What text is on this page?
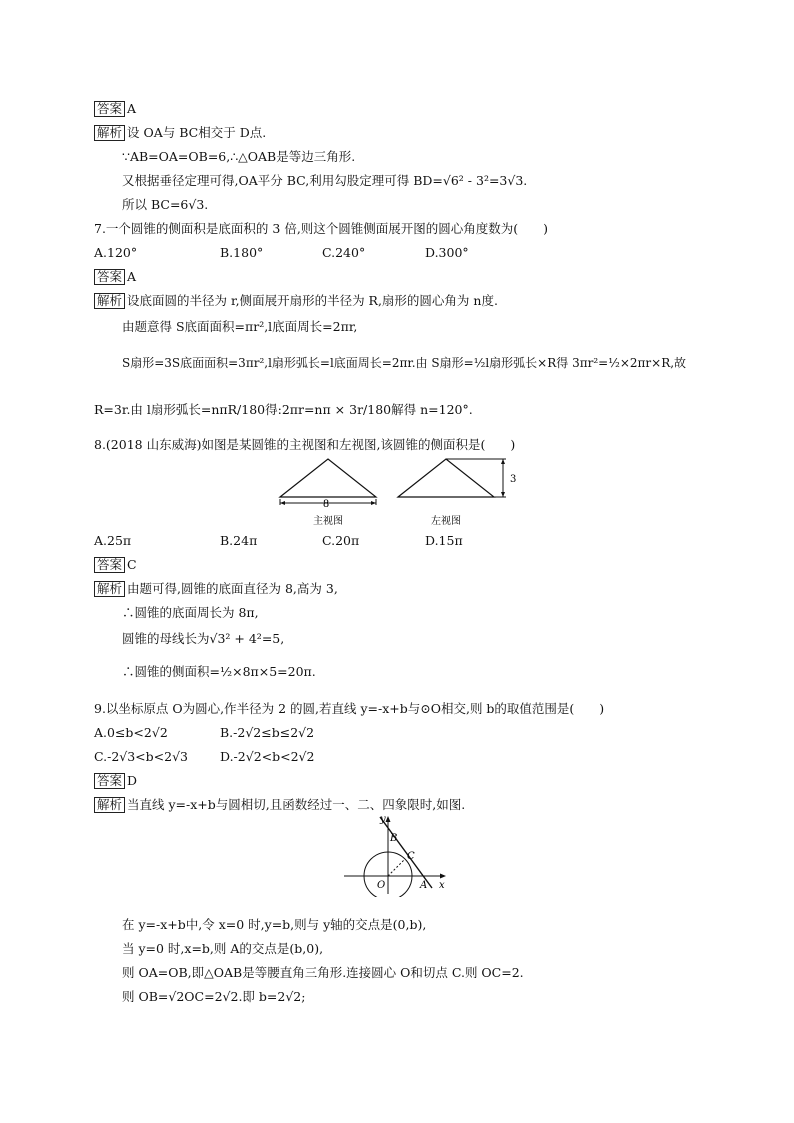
答案 A
解析 设 OA与 BC相交于 D点.
∵AB=OA=OB=6,∴△OAB是等边三角形.
又根据垂径定理可得,OA平分 BC,利用勾股定理可得 BD=√6² - 3²=3√3.
所以 BC=6√3.
7.一个圆锥的侧面积是底面积的 3 倍,则这个圆锥侧面展开图的圆心角度数为(　　)
A.120°	B.180°	C.240°	D.300°
答案 A
解析 设底面圆的半径为 r,侧面展开扇形的半径为 R,扇形的圆心角为 n度.
由题意得 S底面面积=πr²,l底面周长=2πr,
S扇形=3S底面面积=3πr²,l扇形弧长=l底面周长=2πr.由 S扇形=½l扇形弧长×R得 3πr²=½×2πr×R,故
R=3r.由 l扇形弧长=nπR/180得:2πr=nπ × 3r/180解得 n=120°.
8.(2018 山东威海)如图是某圆锥的主视图和左视图,该圆锥的侧面积是(　　)
8
主视图
3
左视图
A.25π	B.24π	C.20π	D.15π
答案 C
解析 由题可得,圆锥的底面直径为 8,高为 3,
∴圆锥的底面周长为 8π,
圆锥的母线长为√3² + 4²=5,
∴圆锥的侧面积=½×8π×5=20π.
9.以坐标原点 O为圆心,作半径为 2 的圆,若直线 y=-x+b与⊙O相交,则 b的取值范围是(　　)
A.0≤b<2√2	B.-2√2≤b≤2√2
C.-2√3<b<2√3	D.-2√2<b<2√2
答案 D
解析 当直线 y=-x+b与圆相切,且函数经过一、二、四象限时,如图.
y
x
B
C
O	A
在 y=-x+b中,令 x=0 时,y=b,则与 y轴的交点是(0,b),
当 y=0 时,x=b,则 A的交点是(b,0),
则 OA=OB,即△OAB是等腰直角三角形.连接圆心 O和切点 C.则 OC=2.
则 OB=√2OC=2√2.即 b=2√2;
